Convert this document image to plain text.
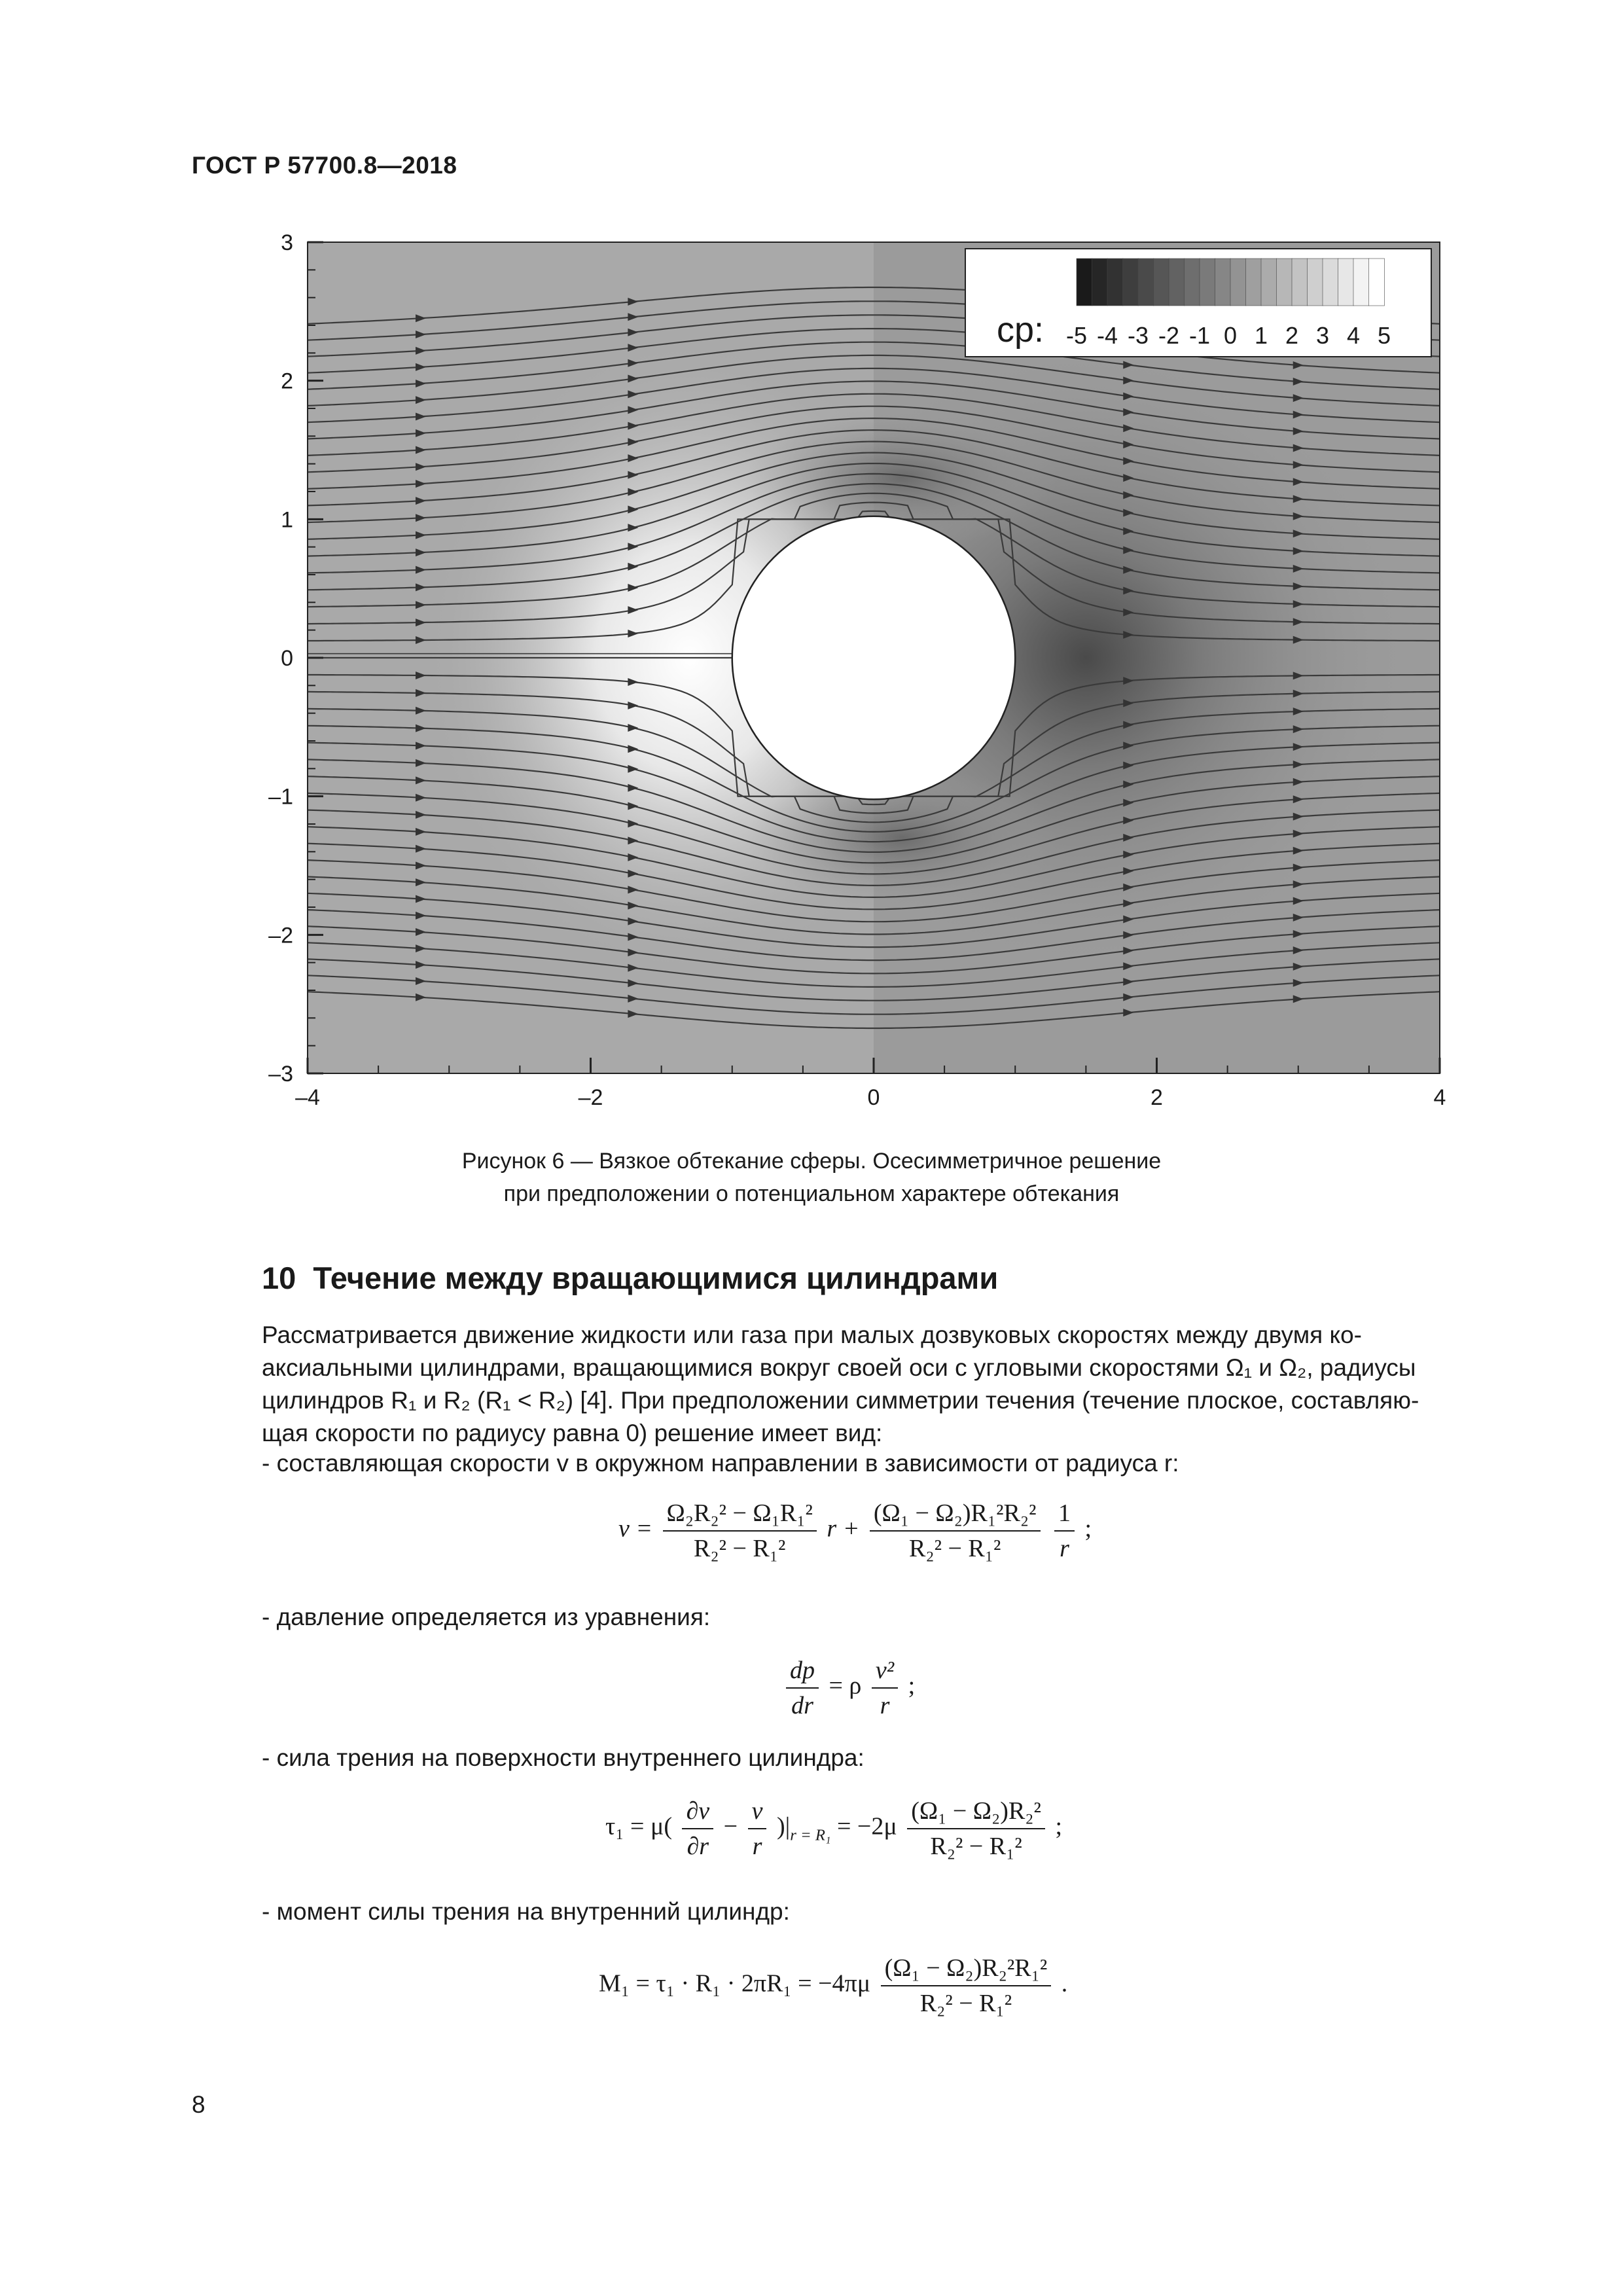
ГОСТ Р 57700.8—2018
3
2
1
0
–1
–2
–3
–4	–2	0	2	4
cp: -5 -4 -3 -2 -1 0 1 2 3 4 5
Рисунок 6 — Вязкое обтекание сферы. Осесимметричное решение
при предположении о потенциальном характере обтекания
10 Течение между вращающимися цилиндрами
Рассматривается движение жидкости или газа при малых дозвуковых скоростях между двумя ко-
аксиальными цилиндрами, вращающимися вокруг своей оси с угловыми скоростями Ω₁ и Ω₂, радиусы
цилиндров R₁ и R₂ (R₁ < R₂) [4]. При предположении симметрии течения (течение плоское, составляю-
щая скорости по радиусу равна 0) решение имеет вид:
- составляющая скорости v в окружном направлении в зависимости от радиуса r:
$v = \frac{\text{Ω₂R₂² − Ω₁R₁²}}{\text{R₂² − R₁²}}$ $r + \frac{\text{(Ω₁ − Ω₂)R₁²R₂²}}{\text{R₂² − R₁²}}$
$\frac{1}{r}$ ;
- давление определяется из уравнения:
$\frac{dp}{dr} = \rho \frac{\text{v²}}{r}$ ;
- сила трения на поверхности внутреннего цилиндра:
$\tau_1 = \mu( \frac{\partial v}{\partial r} - \frac{v}{r} )|_{r = R_1} = -2\mu \frac{\text{(Ω₁ − Ω₂)R₂²}}{\text{R₂² − R₁²}}$ ;
- момент силы трения на внутренний цилиндр:
$M_1 = \tau_1 \cdot R_1 \cdot 2\pi R_1 = -4\pi\mu \frac{\text{(Ω₁ − Ω₂)R₂²R₁²}}{\text{R₂² − R₁²}}$ .
8
